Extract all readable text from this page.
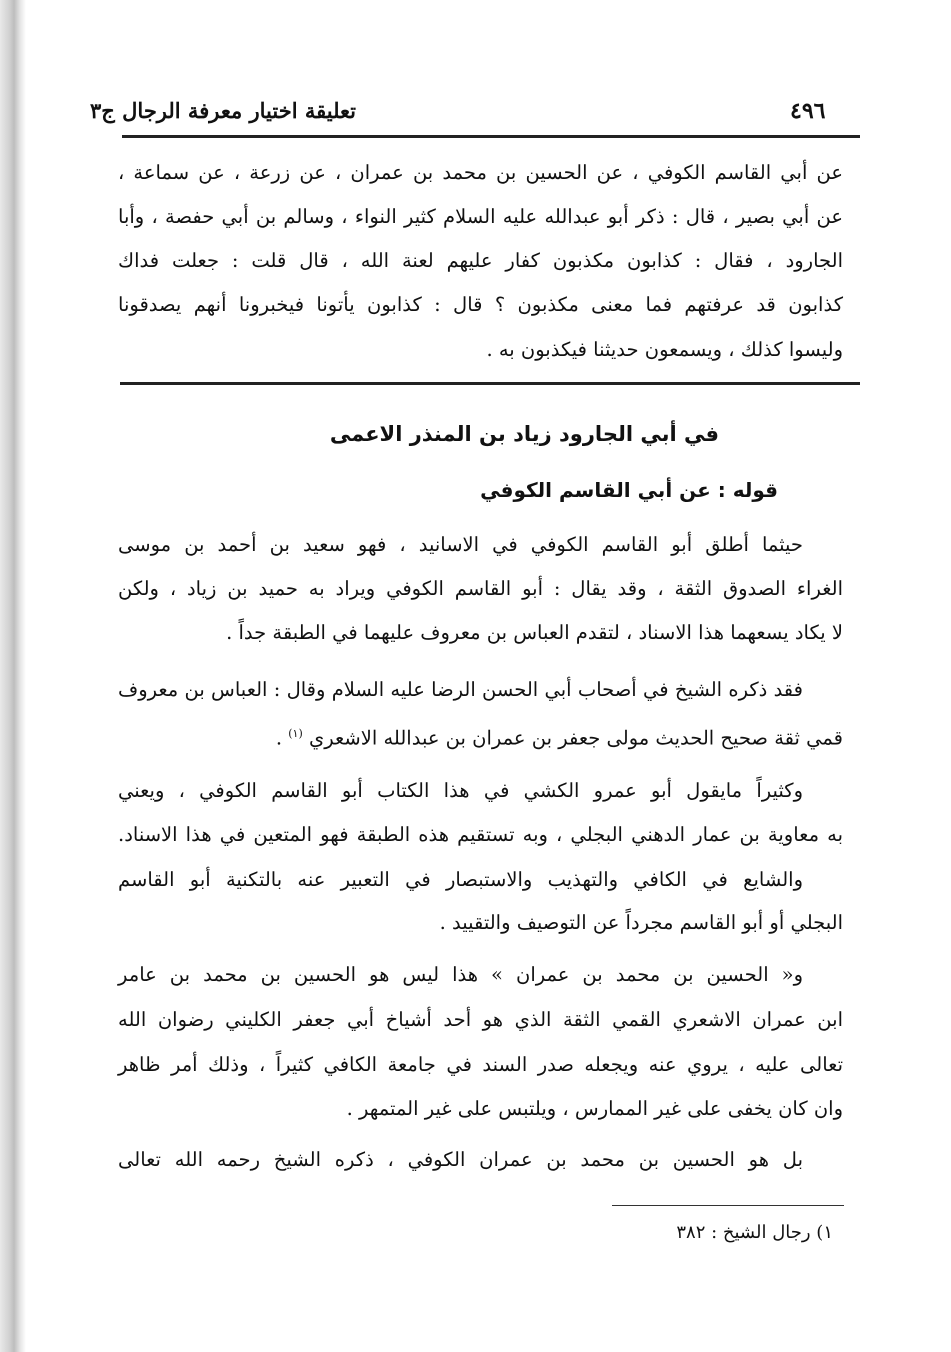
تعليقة اختيار معرفة الرجال ج٣	٤٩٦
عن أبي القاسم الكوفي ، عن الحسين بن محمد بن عمران ، عن زرعة ، عن سماعة ،
عن أبي بصير ، قال : ذكر أبو عبدالله عليه السلام كثير النواء ، وسالم بن أبي حفصة ، وأبا
الجارود ، فقال : كذابون مكذبون كفار عليهم لعنة الله ، قال قلت : جعلت فداك
كذابون قد عرفتهم فما معنى مكذبون ؟ قال : كذابون يأتونا فيخبرونا أنهم يصدقونا
وليسوا كذلك ، ويسمعون حديثنا فيكذبون به .
في أبي الجارود زياد بن المنذر الاعمى
قوله : عن أبي القاسم الكوفي
حيثما أطلق أبو القاسم الكوفي في الاسانيد ، فهو سعيد بن أحمد بن موسى
الغراء الصدوق الثقة ، وقد يقال : أبو القاسم الكوفي ويراد به حميد بن زياد ، ولكن
لا يكاد يسعهما هذا الاسناد ، لتقدم العباس بن معروف عليهما في الطبقة جداً .
فقد ذكره الشيخ في أصحاب أبي الحسن الرضا عليه السلام وقال : العباس بن معروف
قمي ثقة صحيح الحديث مولى جعفر بن عمران بن عبدالله الاشعري $^{(١)}$ .
وكثيراً مايقول أبو عمرو الكشي في هذا الكتاب أبو القاسم الكوفي ، ويعني
به معاوية بن عمار الدهني البجلي ، وبه تستقيم هذه الطبقة فهو المتعين في هذا الاسناد.
والشايع في الكافي والتهذيب والاستبصار في التعبير عنه بالتكنية أبو القاسم
البجلي أو أبو القاسم مجرداً عن التوصيف والتقييد .
و« الحسين بن محمد بن عمران » هذا ليس هو الحسين بن محمد بن عامر
ابن عمران الاشعري القمي الثقة الذي هو أحد أشياخ أبي جعفر الكليني رضوان الله
تعالى عليه ، يروي عنه ويجعله صدر السند في جامعة الكافي كثيراً ، وذلك أمر ظاهر
وان كان يخفى على غير الممارس ، ويلتبس على غير المتمهر .
بل هو الحسين بن محمد بن عمران الكوفي ، ذكره الشيخ رحمه الله تعالى
١) رجال الشيخ : ٣٨٢
